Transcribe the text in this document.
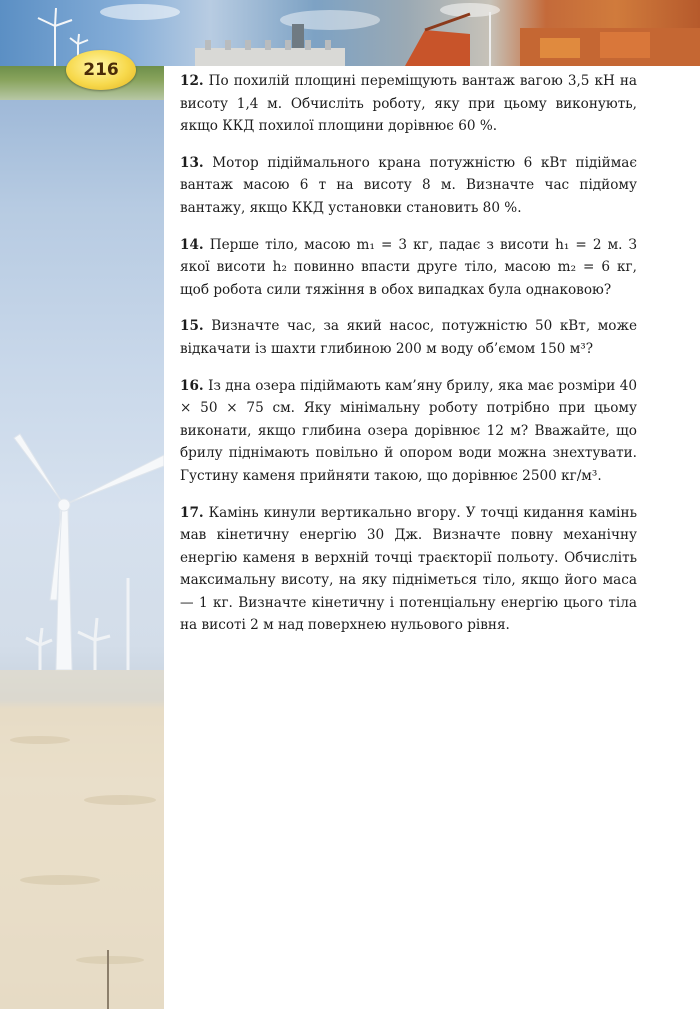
216

12. По похилій площині переміщують вантаж вагою 3,5 кН на висоту 1,4 м. Обчисліть роботу, яку при цьому виконують, якщо ККД похилої площини дорівнює 60 %.

13. Мотор підіймального крана потужністю 6 кВт підіймає вантаж масою 6 т на висоту 8 м. Визначте час підйому вантажу, якщо ККД установки становить 80 %.

14. Перше тіло, масою m₁ = 3 кг, падає з висоти h₁ = 2 м. З якої висоти h₂ повинно впасти друге тіло, масою m₂ = 6 кг, щоб робота сили тяжіння в обох випадках була однаковою?

15. Визначте час, за який насос, потужністю 50 кВт, може відкачати із шахти глибиною 200 м воду об’ємом 150 м³?

16. Із дна озера підіймають кам’яну брилу, яка має розміри 40 × 50 × 75 см. Яку мінімальну роботу потрібно при цьому виконати, якщо глибина озера дорівнює 12 м? Вважайте, що брилу піднімають повільно й опором води можна знехтувати. Густину каменя прийняти такою, що дорівнює 2500 кг/м³.

17. Камінь кинули вертикально вгору. У точці кидання камінь мав кінетичну енергію 30 Дж. Визначте повну механічну енергію каменя в верхній точці траєкторії польоту. Обчисліть максимальну висоту, на яку підніметься тіло, якщо його маса — 1 кг. Визначте кінетичну і потенціальну енергію цього тіла на висоті 2 м над поверхнею нульового рівня.
